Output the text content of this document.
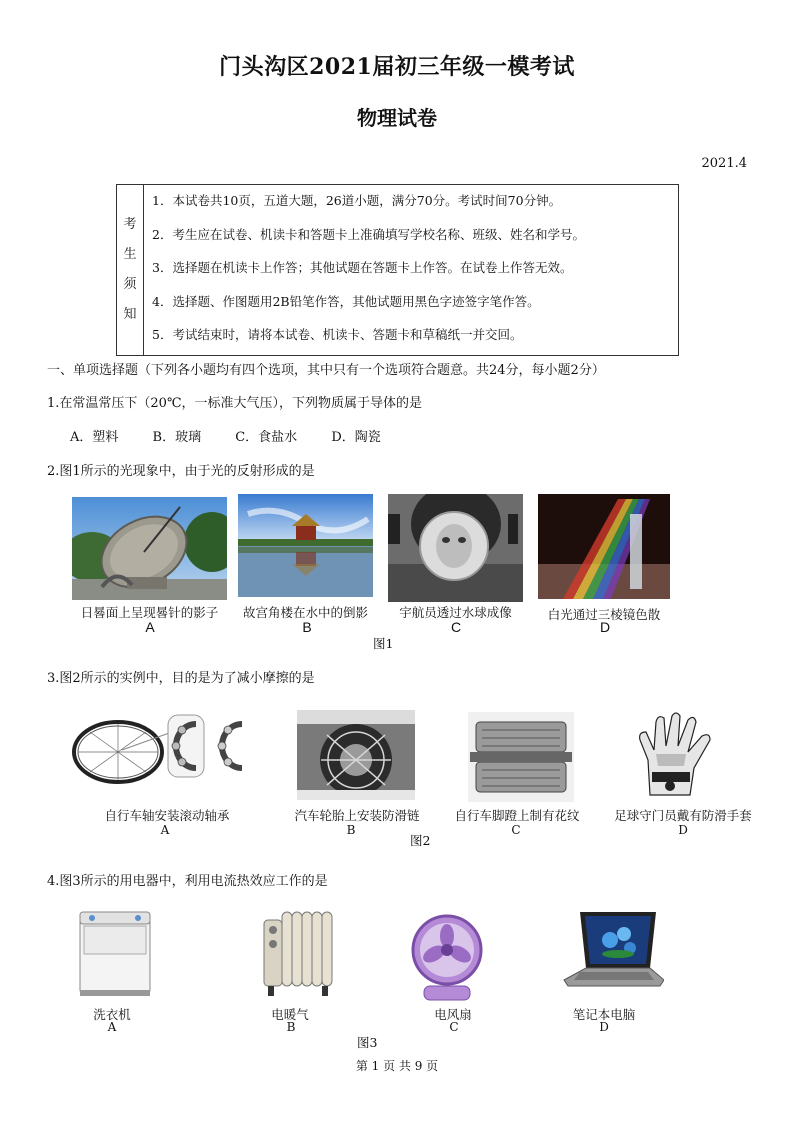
门头沟区2021届初三年级一模考试
物理试卷
2021.4
考
生
须
知
1．本试卷共10页，五道大题，26道小题，满分70分。考试时间70分钟。
2．考生应在试卷、机读卡和答题卡上准确填写学校名称、班级、姓名和学号。
3．选择题在机读卡上作答；其他试题在答题卡上作答。在试卷上作答无效。
4．选择题、作图题用2B铅笔作答，其他试题用黑色字迹签字笔作答。
5．考试结束时，请将本试卷、机读卡、答题卡和草稿纸一并交回。
一、单项选择题（下列各小题均有四个选项，其中只有一个选项符合题意。共24分，每小题2分）
1.在常温常压下（20℃，一标准大气压），下列物质属于导体的是
A．塑料	B．玻璃	C．食盐水	D．陶瓷
2.图1所示的光现象中，由于光的反射形成的是
日晷面上呈现晷针的影子	故宫角楼在水中的倒影	宇航员透过水球成像	白光通过三棱镜色散
A	B	C	D
图1
3.图2所示的实例中，目的是为了减小摩擦的是
自行车轴安装滚动轴承	汽车轮胎上安装防滑链	自行车脚蹬上制有花纹	足球守门员戴有防滑手套
A	B	C	D
图2
4.图3所示的用电器中，利用电流热效应工作的是
洗衣机	电暖气	电风扇	笔记本电脑
A	B	C	D
图3
第 1 页 共 9 页
